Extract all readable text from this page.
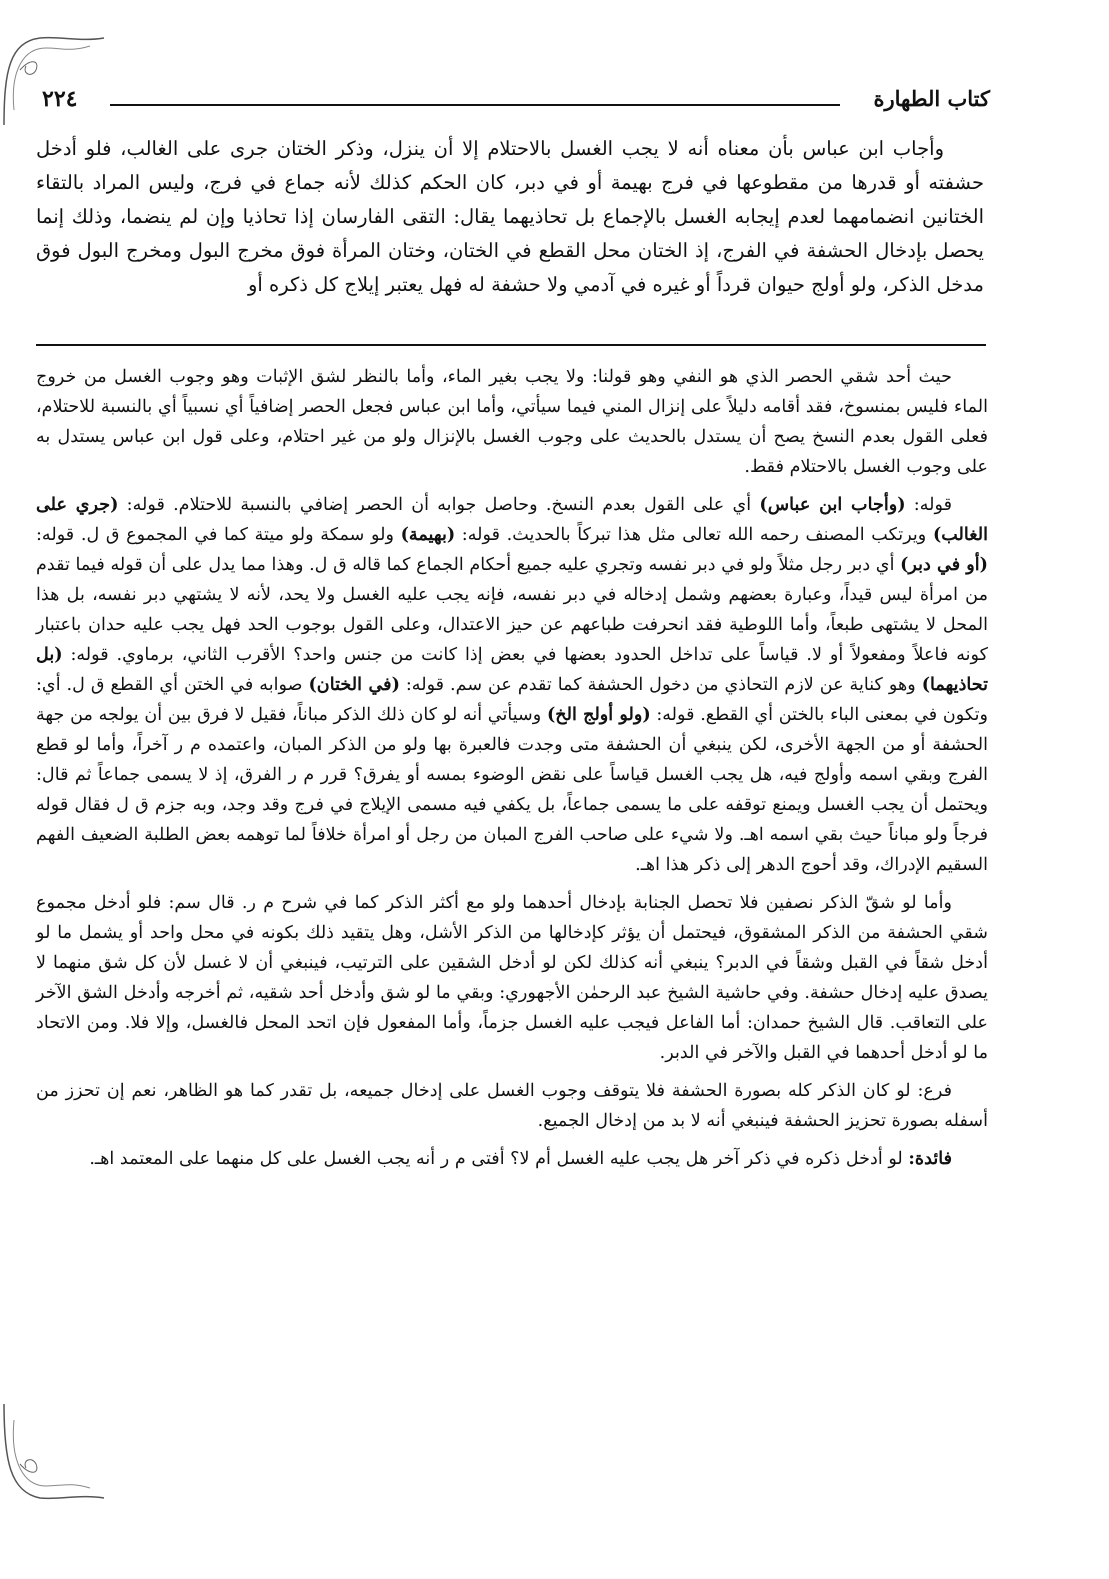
كتاب الطهارة
٢٢٤

وأجاب ابن عباس بأن معناه أنه لا يجب الغسل بالاحتلام إلا أن ينزل، وذكر الختان جرى على الغالب، فلو أدخل حشفته أو قدرها من مقطوعها في فرج بهيمة أو في دبر، كان الحكم كذلك لأنه جماع في فرج، وليس المراد بالتقاء الختانين انضمامهما لعدم إيجابه الغسل بالإجماع بل تحاذيهما يقال: التقى الفارسان إذا تحاذيا وإن لم ينضما، وذلك إنما يحصل بإدخال الحشفة في الفرج، إذ الختان محل القطع في الختان، وختان المرأة فوق مخرج البول ومخرج البول فوق مدخل الذكر، ولو أولج حيوان قرداً أو غيره في آدمي ولا حشفة له فهل يعتبر إيلاج كل ذكره أو

حيث أحد شقي الحصر الذي هو النفي وهو قولنا: ولا يجب بغير الماء، وأما بالنظر لشق الإثبات وهو وجوب الغسل من خروج الماء فليس بمنسوخ، فقد أقامه دليلاً على إنزال المني فيما سيأتي، وأما ابن عباس فجعل الحصر إضافياً أي نسبياً أي بالنسبة للاحتلام، فعلى القول بعدم النسخ يصح أن يستدل بالحديث على وجوب الغسل بالإنزال ولو من غير احتلام، وعلى قول ابن عباس يستدل به على وجوب الغسل بالاحتلام فقط.

قوله: (وأجاب ابن عباس) أي على القول بعدم النسخ. وحاصل جوابه أن الحصر إضافي بالنسبة للاحتلام. قوله: (جري على الغالب) ويرتكب المصنف رحمه الله تعالى مثل هذا تبركاً بالحديث. قوله: (بهيمة) ولو سمكة ولو ميتة كما في المجموع ق ل. قوله: (أو في دبر) أي دبر رجل مثلاً ولو في دبر نفسه وتجري عليه جميع أحكام الجماع كما قاله ق ل. وهذا مما يدل على أن قوله فيما تقدم من امرأة ليس قيداً، وعبارة بعضهم وشمل إدخاله في دبر نفسه، فإنه يجب عليه الغسل ولا يحد، لأنه لا يشتهي دبر نفسه، بل هذا المحل لا يشتهى طبعاً، وأما اللوطية فقد انحرفت طباعهم عن حيز الاعتدال، وعلى القول بوجوب الحد فهل يجب عليه حدان باعتبار كونه فاعلاً ومفعولاً أو لا. قياساً على تداخل الحدود بعضها في بعض إذا كانت من جنس واحد؟ الأقرب الثاني، برماوي. قوله: (بل تحاذيهما) وهو كناية عن لازم التحاذي من دخول الحشفة كما تقدم عن سم. قوله: (في الختان) صوابه في الختن أي القطع ق ل. أي: وتكون في بمعنى الباء بالختن أي القطع. قوله: (ولو أولج الخ) وسيأتي أنه لو كان ذلك الذكر مباناً، فقيل لا فرق بين أن يولجه من جهة الحشفة أو من الجهة الأخرى، لكن ينبغي أن الحشفة متى وجدت فالعبرة بها ولو من الذكر المبان، واعتمده م ر آخراً، وأما لو قطع الفرج وبقي اسمه وأولج فيه، هل يجب الغسل قياساً على نقض الوضوء بمسه أو يفرق؟ قرر م ر الفرق، إذ لا يسمى جماعاً ثم قال: ويحتمل أن يجب الغسل ويمنع توقفه على ما يسمى جماعاً، بل يكفي فيه مسمى الإيلاج في فرج وقد وجد، وبه جزم ق ل فقال قوله فرجاً ولو مباناً حيث بقي اسمه اهـ. ولا شيء على صاحب الفرج المبان من رجل أو امرأة خلافاً لما توهمه بعض الطلبة الضعيف الفهم السقيم الإدراك، وقد أحوج الدهر إلى ذكر هذا اهـ.

وأما لو شقّ الذكر نصفين فلا تحصل الجنابة بإدخال أحدهما ولو مع أكثر الذكر كما في شرح م ر. قال سم: فلو أدخل مجموع شقي الحشفة من الذكر المشقوق، فيحتمل أن يؤثر كإدخالها من الذكر الأشل، وهل يتقيد ذلك بكونه في محل واحد أو يشمل ما لو أدخل شقاً في القبل وشقاً في الدبر؟ ينبغي أنه كذلك لكن لو أدخل الشقين على الترتيب، فينبغي أن لا غسل لأن كل شق منهما لا يصدق عليه إدخال حشفة. وفي حاشية الشيخ عبد الرحمٰن الأجهوري: وبقي ما لو شق وأدخل أحد شقيه، ثم أخرجه وأدخل الشق الآخر على التعاقب. قال الشيخ حمدان: أما الفاعل فيجب عليه الغسل جزماً، وأما المفعول فإن اتحد المحل فالغسل، وإلا فلا. ومن الاتحاد ما لو أدخل أحدهما في القبل والآخر في الدبر.

فرع: لو كان الذكر كله بصورة الحشفة فلا يتوقف وجوب الغسل على إدخال جميعه، بل تقدر كما هو الظاهر، نعم إن تحزز من أسفله بصورة تحزيز الحشفة فينبغي أنه لا بد من إدخال الجميع.

فائدة: لو أدخل ذكره في ذكر آخر هل يجب عليه الغسل أم لا؟ أفتى م ر أنه يجب الغسل على كل منهما على المعتمد اهـ.
